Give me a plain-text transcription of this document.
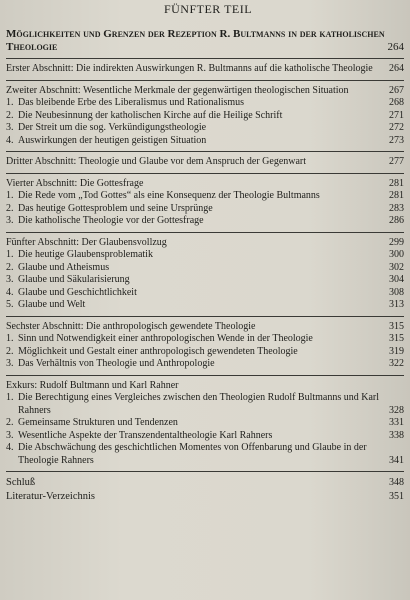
FÜNFTER TEIL
Möglichkeiten und Grenzen der Rezeption R. Bultmanns in der katholischen Theologie	264
Erster Abschnitt: Die indirekten Auswirkungen R. Bultmanns auf die katholische Theologie 264
Zweiter Abschnitt: Wesentliche Merkmale der gegenwärtigen theologischen Situation	267
1. Das bleibende Erbe des Liberalismus und Rationalismus	268
2. Die Neubesinnung der katholischen Kirche auf die Heilige Schrift	271
3. Der Streit um die sog. Verkündigungstheologie	272
4. Auswirkungen der heutigen geistigen Situation	273
Dritter Abschnitt: Theologie und Glaube vor dem Anspruch der Gegenwart	277
Vierter Abschnitt: Die Gottesfrage	281
1. Die Rede vom „Tod Gottes“ als eine Konsequenz der Theologie Bultmanns	281
2. Das heutige Gottesproblem und seine Ursprünge	283
3. Die katholische Theologie vor der Gottesfrage	286
Fünfter Abschnitt: Der Glaubensvollzug	299
1. Die heutige Glaubensproblematik	300
2. Glaube und Atheismus	302
3. Glaube und Säkularisierung	304
4. Glaube und Geschichtlichkeit	308
5. Glaube und Welt	313
Sechster Abschnitt: Die anthropologisch gewendete Theologie	315
1. Sinn und Notwendigkeit einer anthropologischen Wende in der Theologie	315
2. Möglichkeit und Gestalt einer anthropologisch gewendeten Theologie	319
3. Das Verhältnis von Theologie und Anthropologie	322
Exkurs: Rudolf Bultmann und Karl Rahner
1. Die Berechtigung eines Vergleiches zwischen den Theologien Rudolf Bultmanns und Karl Rahners	328
2. Gemeinsame Strukturen und Tendenzen	331
3. Wesentliche Aspekte der Transzendentaltheologie Karl Rahners	338
4. Die Abschwächung des geschichtlichen Momentes von Offenbarung und Glaube in der Theologie Rahners	341
Schluß	348
Literatur-Verzeichnis	351
